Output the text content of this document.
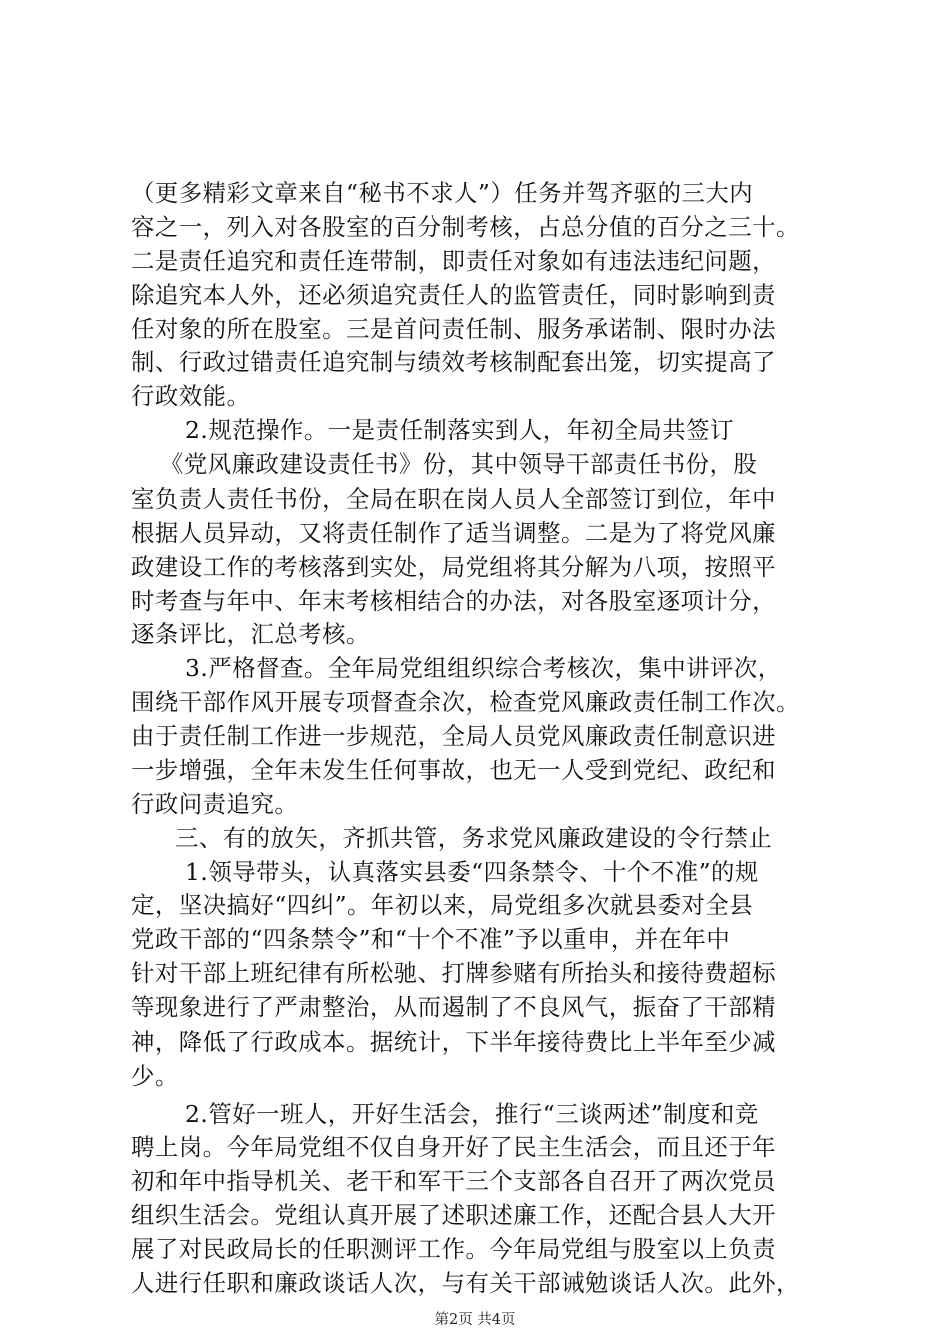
（更多精彩文章来自“秘书不求人”）任务并驾齐驱的三大内
容之一，列入对各股室的百分制考核，占总分值的百分之三十。
二是责任追究和责任连带制，即责任对象如有违法违纪问题，
除追究本人外，还必须追究责任人的监管责任，同时影响到责
任对象的所在股室。三是首问责任制、服务承诺制、限时办法
制、行政过错责任追究制与绩效考核制配套出笼，切实提高了
行政效能。
2.规范操作。一是责任制落实到人，年初全局共签订
《党风廉政建设责任书》份，其中领导干部责任书份，股
室负责人责任书份，全局在职在岗人员人全部签订到位，年中
根据人员异动，又将责任制作了适当调整。二是为了将党风廉
政建设工作的考核落到实处，局党组将其分解为八项，按照平
时考查与年中、年末考核相结合的办法，对各股室逐项计分，
逐条评比，汇总考核。
3.严格督查。全年局党组组织综合考核次，集中讲评次，
围绕干部作风开展专项督查余次，检查党风廉政责任制工作次。
由于责任制工作进一步规范，全局人员党风廉政责任制意识进
一步增强，全年未发生任何事故，也无一人受到党纪、政纪和
行政问责追究。
三、有的放矢，齐抓共管，务求党风廉政建设的令行禁止
1.领导带头，认真落实县委“四条禁令、十个不准”的规
定，坚决搞好“四纠”。年初以来，局党组多次就县委对全县
党政干部的“四条禁令”和“十个不准”予以重申，并在年中
针对干部上班纪律有所松驰、打牌参赌有所抬头和接待费超标
等现象进行了严肃整治，从而遏制了不良风气，振奋了干部精
神，降低了行政成本。据统计，下半年接待费比上半年至少减
少。
2.管好一班人，开好生活会，推行“三谈两述”制度和竞
聘上岗。今年局党组不仅自身开好了民主生活会，而且还于年
初和年中指导机关、老干和军干三个支部各自召开了两次党员
组织生活会。党组认真开展了述职述廉工作，还配合县人大开
展了对民政局长的任职测评工作。今年局党组与股室以上负责
人进行任职和廉政谈话人次，与有关干部诫勉谈话人次。此外，
第2页 共4页
